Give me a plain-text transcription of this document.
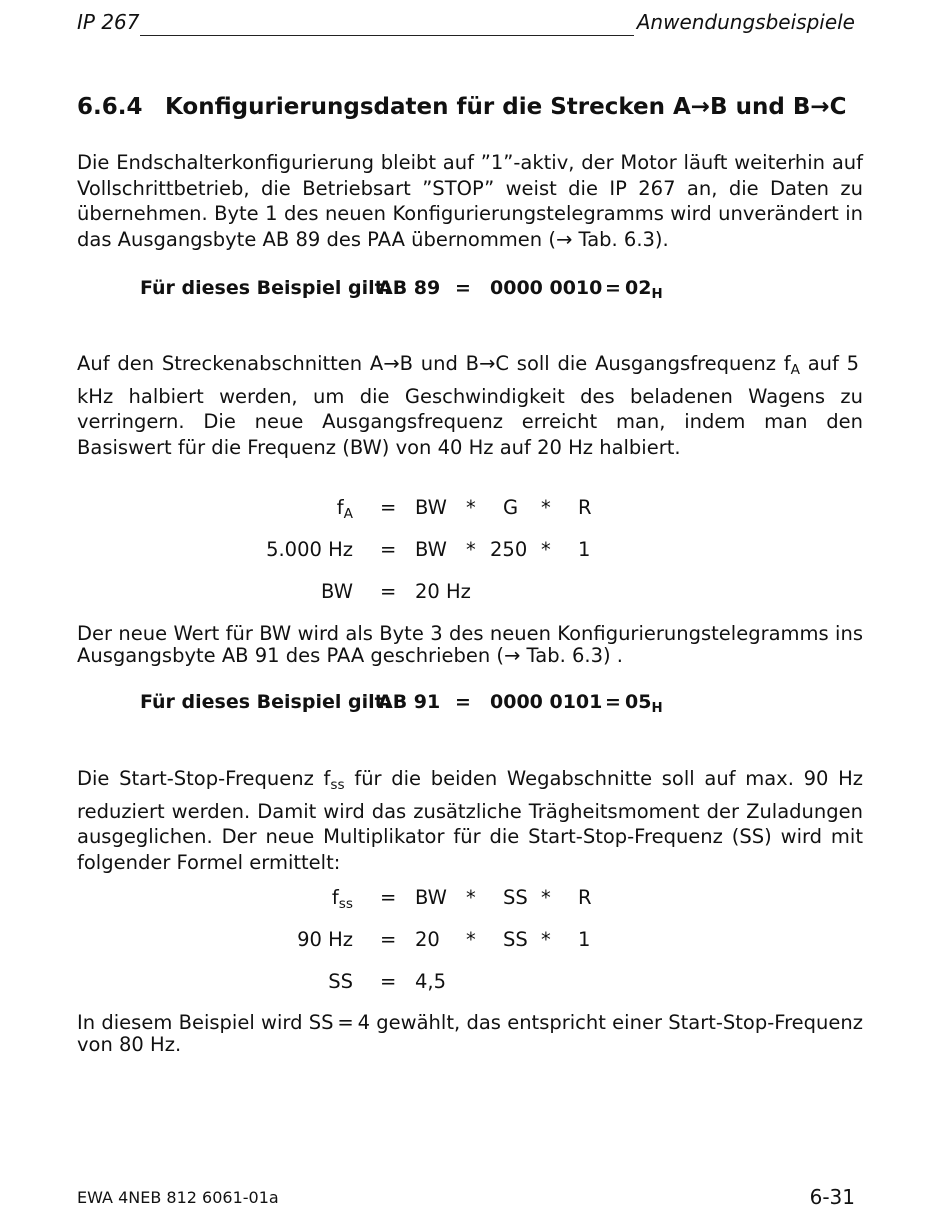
IP 267	Anwendungsbeispiele
6.6.4 Konfigurierungsdaten für die Strecken A→B und B→C

Die Endschalterkonfigurierung bleibt auf ”1”-aktiv, der Motor läuft weiterhin auf Vollschrittbetrieb, die Betriebsart ”STOP” weist die IP 267 an, die Daten zu übernehmen. Byte 1 des neuen Konfigurierungstelegramms wird unverändert in das Ausgangsbyte AB 89 des PAA übernommen (→ Tab. 6.3).

Für dieses Beispiel gilt:
AB 89 = 0000 $0010 = 02_H$

Auf den Streckenabschnitten A→B und B→C soll die Ausgangsfrequenz $f_A$ auf 5 kHz halbiert werden, um die Geschwindigkeit des beladenen Wagens zu verringern. Die neue Ausgangsfrequenz erreicht man, indem man den Basiswert für die Frequenz (BW) von 40 Hz auf 20 Hz halbiert.

$f_A$ = BW * G * R
5.000 Hz = BW * 250 * 1
BW = 20 Hz

Der neue Wert für BW wird als Byte 3 des neuen Konfigurierungstelegramms ins Ausgangsbyte AB 91 des PAA geschrieben (→ Tab. 6.3) .

Für dieses Beispiel gilt:
AB 91 = 0000 $0101 = 05_H$

Die Start-Stop-Frequenz $f_{ss}$ für die beiden Wegabschnitte soll auf max. 90 Hz reduziert werden. Damit wird das zusätzliche Trägheitsmoment der Zuladungen ausgeglichen. Der neue Multiplikator für die Start-Stop-Frequenz (SS) wird mit folgender Formel ermittelt:

$f_{ss}$ = BW * SS * R
90 Hz = 20 * SS * 1
SS = 4,5

In diesem Beispiel wird SS = 4 gewählt, das entspricht einer Start-Stop-Frequenz von 80 Hz.

EWA 4NEB 812 6061-01a	6-31
